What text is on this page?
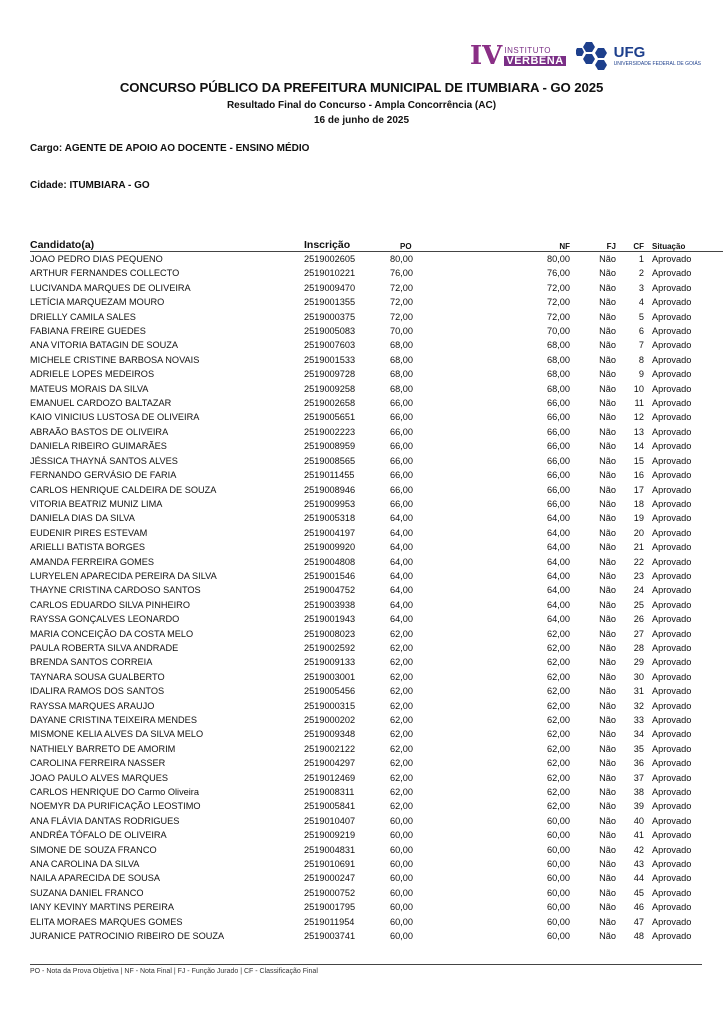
IV INSTITUTO
VERBENA	UFG
UNIVERSIDADE FEDERAL DE GOIÁS
CONCURSO PÚBLICO DA PREFEITURA MUNICIPAL DE ITUMBIARA - GO 2025
Resultado Final do Concurso - Ampla Concorrência (AC)
16 de junho de 2025
Cargo: AGENTE DE APOIO AO DOCENTE - ENSINO MÉDIO
Cidade: ITUMBIARA - GO
Candidato(a)	Inscrição	PO	NF	FJ	CF	Situação
JOAO PEDRO DIAS PEQUENO	2519002605	80,00	80,00	Não	1	Aprovado
ARTHUR FERNANDES COLLECTO	2519010221	76,00	76,00	Não	2	Aprovado
LUCIVANDA MARQUES DE OLIVEIRA	2519009470	72,00	72,00	Não	3	Aprovado
LETÍCIA MARQUEZAM MOURO	2519001355	72,00	72,00	Não	4	Aprovado
DRIELLY CAMILA SALES	2519000375	72,00	72,00	Não	5	Aprovado
FABIANA FREIRE GUEDES	2519005083	70,00	70,00	Não	6	Aprovado
ANA VITORIA BATAGIN DE SOUZA	2519007603	68,00	68,00	Não	7	Aprovado
MICHELE CRISTINE BARBOSA NOVAIS	2519001533	68,00	68,00	Não	8	Aprovado
ADRIELE LOPES MEDEIROS	2519009728	68,00	68,00	Não	9	Aprovado
MATEUS MORAIS DA SILVA	2519009258	68,00	68,00	Não	10	Aprovado
EMANUEL CARDOZO BALTAZAR	2519002658	66,00	66,00	Não	11	Aprovado
KAIO VINICIUS LUSTOSA DE OLIVEIRA	2519005651	66,00	66,00	Não	12	Aprovado
ABRAÃO BASTOS DE OLIVEIRA	2519002223	66,00	66,00	Não	13	Aprovado
DANIELA RIBEIRO GUIMARÃES	2519008959	66,00	66,00	Não	14	Aprovado
JÉSSICA THAYNÁ SANTOS ALVES	2519008565	66,00	66,00	Não	15	Aprovado
FERNANDO GERVÁSIO DE FARIA	2519011455	66,00	66,00	Não	16	Aprovado
CARLOS HENRIQUE CALDEIRA DE SOUZA	2519008946	66,00	66,00	Não	17	Aprovado
VITORIA BEATRIZ MUNIZ LIMA	2519009953	66,00	66,00	Não	18	Aprovado
DANIELA DIAS DA SILVA	2519005318	64,00	64,00	Não	19	Aprovado
EUDENIR PIRES ESTEVAM	2519004197	64,00	64,00	Não	20	Aprovado
ARIELLI BATISTA BORGES	2519009920	64,00	64,00	Não	21	Aprovado
AMANDA FERREIRA GOMES	2519004808	64,00	64,00	Não	22	Aprovado
LURYELEN APARECIDA PEREIRA DA SILVA	2519001546	64,00	64,00	Não	23	Aprovado
THAYNE CRISTINA CARDOSO SANTOS	2519004752	64,00	64,00	Não	24	Aprovado
CARLOS EDUARDO SILVA PINHEIRO	2519003938	64,00	64,00	Não	25	Aprovado
RAYSSA GONÇALVES LEONARDO	2519001943	64,00	64,00	Não	26	Aprovado
MARIA CONCEIÇÃO DA COSTA MELO	2519008023	62,00	62,00	Não	27	Aprovado
PAULA ROBERTA SILVA ANDRADE	2519002592	62,00	62,00	Não	28	Aprovado
BRENDA SANTOS CORREIA	2519009133	62,00	62,00	Não	29	Aprovado
TAYNARA SOUSA GUALBERTO	2519003001	62,00	62,00	Não	30	Aprovado
IDALIRA RAMOS DOS SANTOS	2519005456	62,00	62,00	Não	31	Aprovado
RAYSSA MARQUES ARAUJO	2519000315	62,00	62,00	Não	32	Aprovado
DAYANE CRISTINA TEIXEIRA MENDES	2519000202	62,00	62,00	Não	33	Aprovado
MISMONE KELIA ALVES DA SILVA MELO	2519009348	62,00	62,00	Não	34	Aprovado
NATHIELY BARRETO DE AMORIM	2519002122	62,00	62,00	Não	35	Aprovado
CAROLINA FERREIRA NASSER	2519004297	62,00	62,00	Não	36	Aprovado
JOAO PAULO ALVES MARQUES	2519012469	62,00	62,00	Não	37	Aprovado
CARLOS HENRIQUE DO Carmo Oliveira	2519008311	62,00	62,00	Não	38	Aprovado
NOEMYR DA PURIFICAÇÃO LEOSTIMO	2519005841	62,00	62,00	Não	39	Aprovado
ANA FLÁVIA DANTAS RODRIGUES	2519010407	60,00	60,00	Não	40	Aprovado
ANDRÉA TÓFALO DE OLIVEIRA	2519009219	60,00	60,00	Não	41	Aprovado
SIMONE DE SOUZA FRANCO	2519004831	60,00	60,00	Não	42	Aprovado
ANA CAROLINA DA SILVA	2519010691	60,00	60,00	Não	43	Aprovado
NAILA APARECIDA DE SOUSA	2519000247	60,00	60,00	Não	44	Aprovado
SUZANA DANIEL FRANCO	2519000752	60,00	60,00	Não	45	Aprovado
IANY KEVINY MARTINS PEREIRA	2519001795	60,00	60,00	Não	46	Aprovado
ELITA MORAES MARQUES GOMES	2519011954	60,00	60,00	Não	47	Aprovado
JURANICE PATROCINIO RIBEIRO DE SOUZA	2519003741	60,00	60,00	Não	48	Aprovado
PO - Nota da Prova Objetiva | NF - Nota Final | FJ - Função Jurado | CF - Classificação Final
